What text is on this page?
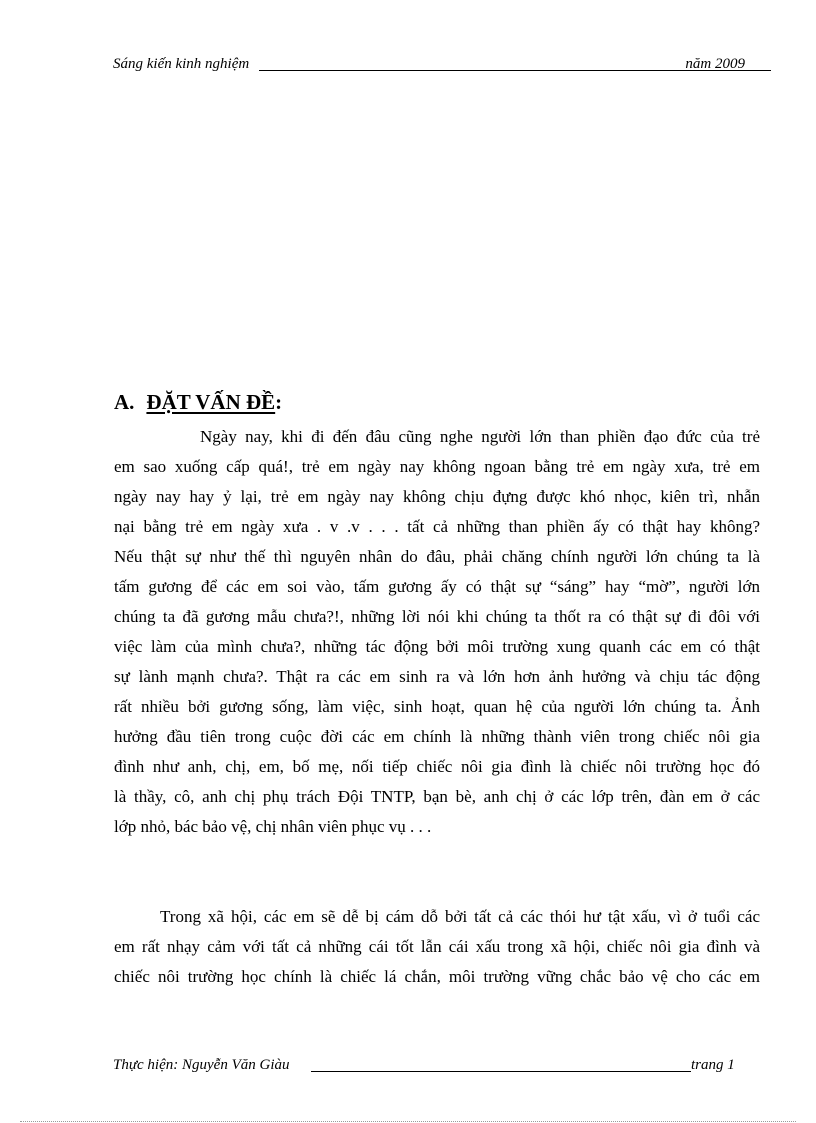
Sáng kiến kinh nghiệm	năm 2009
A. ĐẶT VẤN ĐỀ:
Ngày nay, khi đi đến đâu cũng nghe người lớn than phiền đạo đức của trẻ
em sao xuống cấp quá!, trẻ em ngày nay không ngoan bằng trẻ em ngày xưa, trẻ em
ngày nay hay ỷ lại, trẻ em ngày nay không chịu đựng được khó nhọc, kiên trì, nhẫn
nại bằng trẻ em ngày xưa . v .v . . . tất cả những than phiền ấy có thật hay không?
Nếu thật sự như thế thì nguyên nhân do đâu, phải chăng chính người lớn chúng ta là
tấm gương để các em soi vào, tấm gương ấy có thật sự “sáng” hay “mờ”, người lớn
chúng ta đã gương mẫu chưa?!, những lời nói khi chúng ta thốt ra có thật sự đi đôi với
việc làm của mình chưa?, những tác động bởi môi trường xung quanh các em có thật
sự lành mạnh chưa?. Thật ra các em sinh ra và lớn hơn ảnh hưởng và chịu tác động
rất nhiều bởi gương sống, làm việc, sinh hoạt, quan hệ của người lớn chúng ta. Ảnh
hưởng đầu tiên trong cuộc đời các em chính là những thành viên trong chiếc nôi gia
đình như anh, chị, em, bố mẹ, nối tiếp chiếc nôi gia đình là chiếc nôi trường học đó
là thầy, cô, anh chị phụ trách Đội TNTP, bạn bè, anh chị ở các lớp trên, đàn em ở các
lớp nhỏ, bác bảo vệ, chị nhân viên phục vụ . . .
Trong xã hội, các em sẽ dễ bị cám dỗ bởi tất cả các thói hư tật xấu, vì ở tuổi các
em rất nhạy cảm với tất cả những cái tốt lẫn cái xấu trong xã hội, chiếc nôi gia đình và
chiếc nôi trường học chính là chiếc lá chắn, môi trường vững chắc bảo vệ cho các em
Thực hiện: Nguyễn Văn Giàu	trang 1
